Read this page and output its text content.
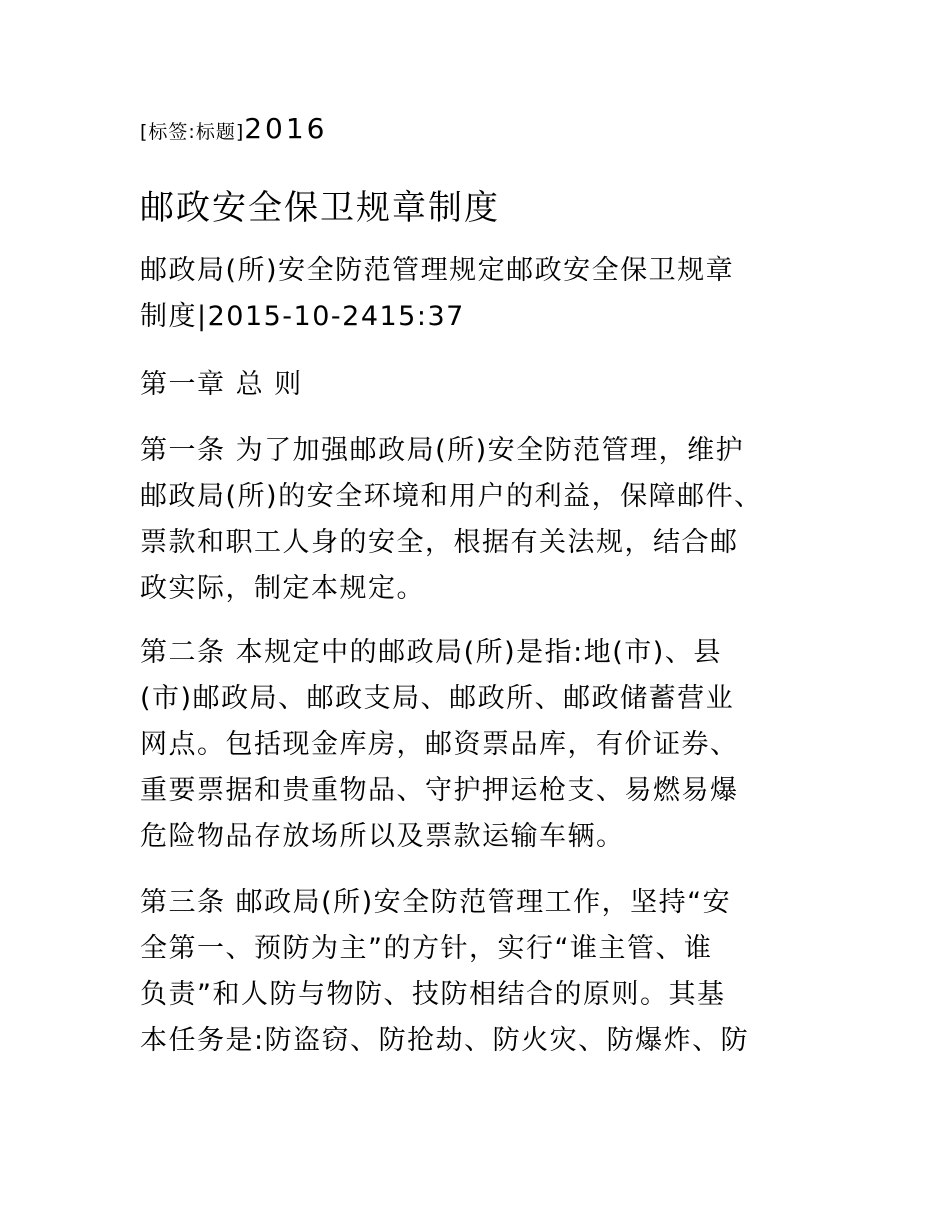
[标签:标题]2016
邮政安全保卫规章制度

邮政局(所)安全防范管理规定邮政安全保卫规章
制度|2015-10-2415:37

第一章 总 则

第一条 为了加强邮政局(所)安全防范管理，维护
邮政局(所)的安全环境和用户的利益，保障邮件、
票款和职工人身的安全，根据有关法规，结合邮
政实际，制定本规定。

第二条 本规定中的邮政局(所)是指:地(市)、县
(市)邮政局、邮政支局、邮政所、邮政储蓄营业
网点。包括现金库房，邮资票品库，有价证券、
重要票据和贵重物品、守护押运枪支、易燃易爆
危险物品存放场所以及票款运输车辆。

第三条 邮政局(所)安全防范管理工作，坚持“安
全第一、预防为主”的方针，实行“谁主管、谁
负责”和人防与物防、技防相结合的原则。其基
本任务是:防盗窃、防抢劫、防火灾、防爆炸、防
